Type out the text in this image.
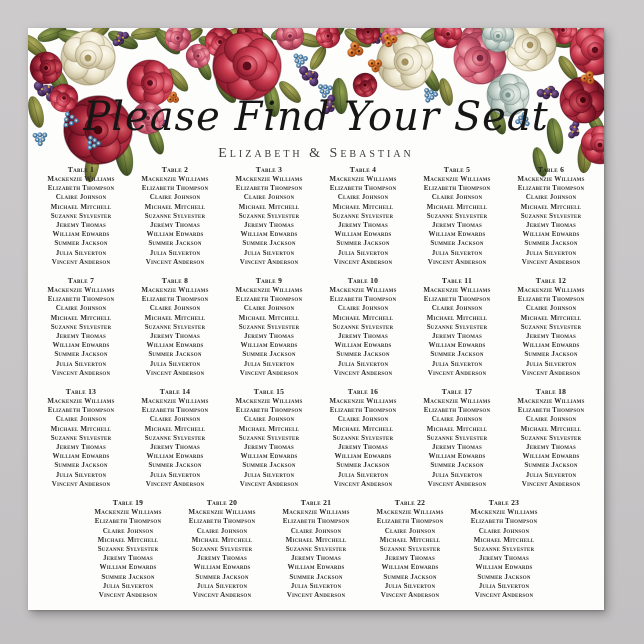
Please Find Your Seat
Elizabeth & Sebastian
Table 1
Mackenzie Williams
Elizabeth Thompson
Claire Johnson
Michael Mitchell
Suzanne Sylvester
Jeremy Thomas
William Edwards
Summer Jackson
Julia Silverton
Vincent Anderson
Table 2
Mackenzie Williams
Elizabeth Thompson
Claire Johnson
Michael Mitchell
Suzanne Sylvester
Jeremy Thomas
William Edwards
Summer Jackson
Julia Silverton
Vincent Anderson
Table 3
Mackenzie Williams
Elizabeth Thompson
Claire Johnson
Michael Mitchell
Suzanne Sylvester
Jeremy Thomas
William Edwards
Summer Jackson
Julia Silverton
Vincent Anderson
Table 4
Mackenzie Williams
Elizabeth Thompson
Claire Johnson
Michael Mitchell
Suzanne Sylvester
Jeremy Thomas
William Edwards
Summer Jackson
Julia Silverton
Vincent Anderson
Table 5
Mackenzie Williams
Elizabeth Thompson
Claire Johnson
Michael Mitchell
Suzanne Sylvester
Jeremy Thomas
William Edwards
Summer Jackson
Julia Silverton
Vincent Anderson
Table 6
Mackenzie Williams
Elizabeth Thompson
Claire Johnson
Michael Mitchell
Suzanne Sylvester
Jeremy Thomas
William Edwards
Summer Jackson
Julia Silverton
Vincent Anderson
Table 7
Mackenzie Williams
Elizabeth Thompson
Claire Johnson
Michael Mitchell
Suzanne Sylvester
Jeremy Thomas
William Edwards
Summer Jackson
Julia Silverton
Vincent Anderson
Table 8
Mackenzie Williams
Elizabeth Thompson
Claire Johnson
Michael Mitchell
Suzanne Sylvester
Jeremy Thomas
William Edwards
Summer Jackson
Julia Silverton
Vincent Anderson
Table 9
Mackenzie Williams
Elizabeth Thompson
Claire Johnson
Michael Mitchell
Suzanne Sylvester
Jeremy Thomas
William Edwards
Summer Jackson
Julia Silverton
Vincent Anderson
Table 10
Mackenzie Williams
Elizabeth Thompson
Claire Johnson
Michael Mitchell
Suzanne Sylvester
Jeremy Thomas
William Edwards
Summer Jackson
Julia Silverton
Vincent Anderson
Table 11
Mackenzie Williams
Elizabeth Thompson
Claire Johnson
Michael Mitchell
Suzanne Sylvester
Jeremy Thomas
William Edwards
Summer Jackson
Julia Silverton
Vincent Anderson
Table 12
Mackenzie Williams
Elizabeth Thompson
Claire Johnson
Michael Mitchell
Suzanne Sylvester
Jeremy Thomas
William Edwards
Summer Jackson
Julia Silverton
Vincent Anderson
Table 13
Mackenzie Williams
Elizabeth Thompson
Claire Johnson
Michael Mitchell
Suzanne Sylvester
Jeremy Thomas
William Edwards
Summer Jackson
Julia Silverton
Vincent Anderson
Table 14
Mackenzie Williams
Elizabeth Thompson
Claire Johnson
Michael Mitchell
Suzanne Sylvester
Jeremy Thomas
William Edwards
Summer Jackson
Julia Silverton
Vincent Anderson
Table 15
Mackenzie Williams
Elizabeth Thompson
Claire Johnson
Michael Mitchell
Suzanne Sylvester
Jeremy Thomas
William Edwards
Summer Jackson
Julia Silverton
Vincent Anderson
Table 16
Mackenzie Williams
Elizabeth Thompson
Claire Johnson
Michael Mitchell
Suzanne Sylvester
Jeremy Thomas
William Edwards
Summer Jackson
Julia Silverton
Vincent Anderson
Table 17
Mackenzie Williams
Elizabeth Thompson
Claire Johnson
Michael Mitchell
Suzanne Sylvester
Jeremy Thomas
William Edwards
Summer Jackson
Julia Silverton
Vincent Anderson
Table 18
Mackenzie Williams
Elizabeth Thompson
Claire Johnson
Michael Mitchell
Suzanne Sylvester
Jeremy Thomas
William Edwards
Summer Jackson
Julia Silverton
Vincent Anderson
Table 19
Mackenzie Williams
Elizabeth Thompson
Claire Johnson
Michael Mitchell
Suzanne Sylvester
Jeremy Thomas
William Edwards
Summer Jackson
Julia Silverton
Vincent Anderson
Table 20
Mackenzie Williams
Elizabeth Thompson
Claire Johnson
Michael Mitchell
Suzanne Sylvester
Jeremy Thomas
William Edwards
Summer Jackson
Julia Silverton
Vincent Anderson
Table 21
Mackenzie Williams
Elizabeth Thompson
Claire Johnson
Michael Mitchell
Suzanne Sylvester
Jeremy Thomas
William Edwards
Summer Jackson
Julia Silverton
Vincent Anderson
Table 22
Mackenzie Williams
Elizabeth Thompson
Claire Johnson
Michael Mitchell
Suzanne Sylvester
Jeremy Thomas
William Edwards
Summer Jackson
Julia Silverton
Vincent Anderson
Table 23
Mackenzie Williams
Elizabeth Thompson
Claire Johnson
Michael Mitchell
Suzanne Sylvester
Jeremy Thomas
William Edwards
Summer Jackson
Julia Silverton
Vincent Anderson
